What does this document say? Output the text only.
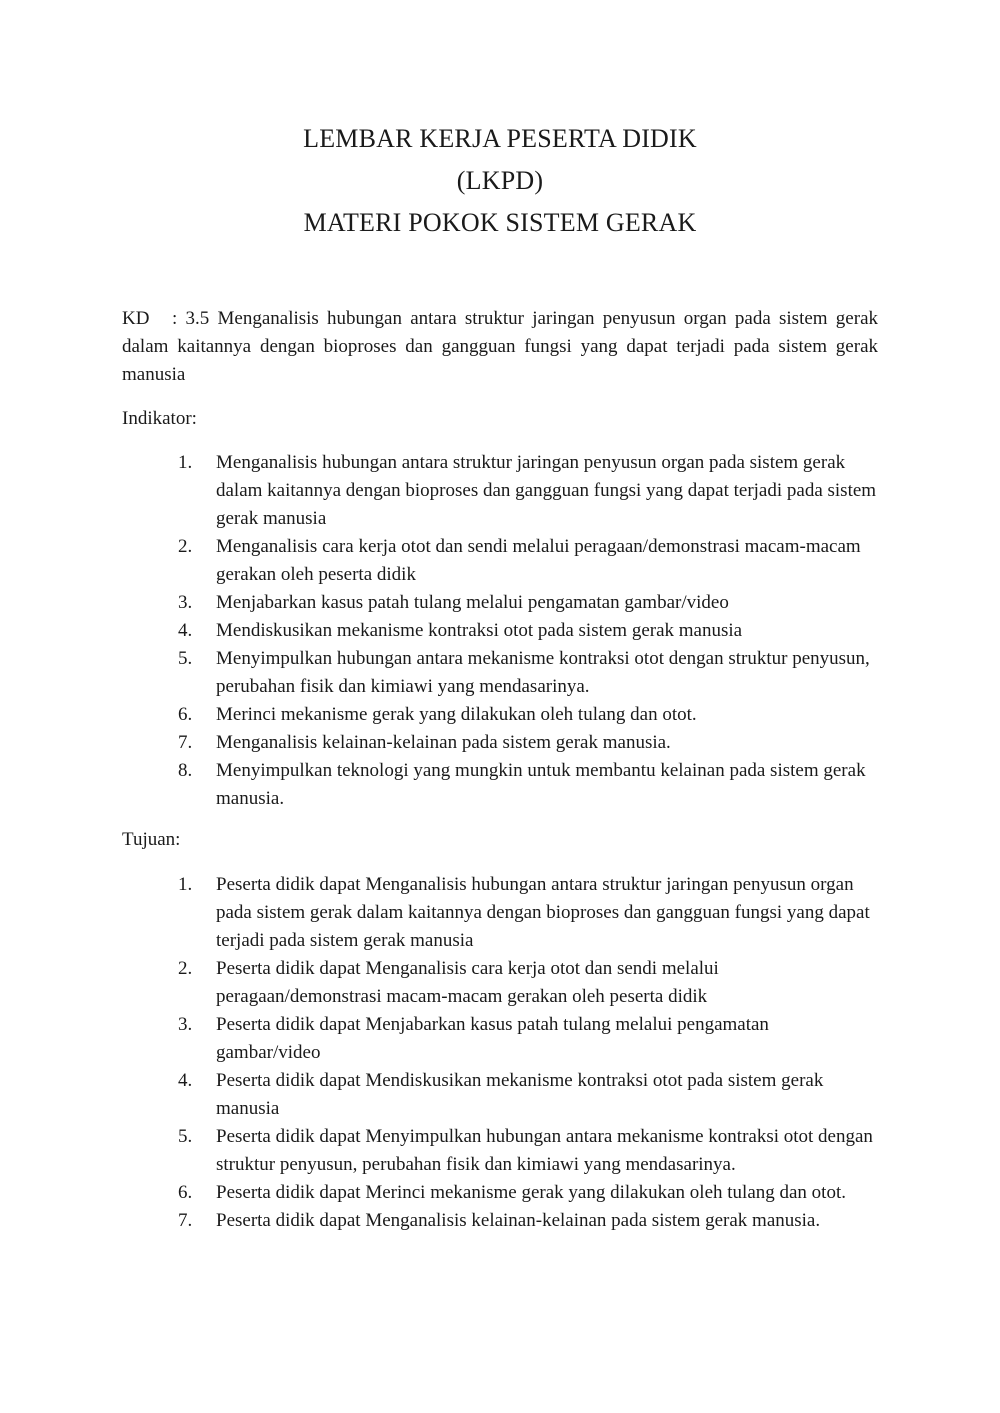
LEMBAR KERJA PESERTA DIDIK
(LKPD)
MATERI POKOK SISTEM GERAK
KD : 3.5 Menganalisis hubungan antara struktur jaringan penyusun organ pada sistem gerak dalam kaitannya dengan bioproses dan gangguan fungsi yang dapat terjadi pada sistem gerak manusia
Indikator:
1.	Menganalisis hubungan antara struktur jaringan penyusun organ pada sistem gerak dalam kaitannya dengan bioproses dan gangguan fungsi yang dapat terjadi pada sistem gerak manusia
2.	Menganalisis cara kerja otot dan sendi melalui peragaan/demonstrasi macam-macam gerakan oleh peserta didik
3.	Menjabarkan kasus patah tulang melalui pengamatan gambar/video
4.	Mendiskusikan mekanisme kontraksi otot pada sistem gerak manusia
5.	Menyimpulkan hubungan antara mekanisme kontraksi otot dengan struktur penyusun, perubahan fisik dan kimiawi yang mendasarinya.
6.	Merinci mekanisme gerak yang dilakukan oleh tulang dan otot.
7.	Menganalisis kelainan-kelainan pada sistem gerak manusia.
8.	Menyimpulkan teknologi yang mungkin untuk membantu kelainan pada sistem gerak manusia.
Tujuan:
1.	Peserta didik dapat Menganalisis hubungan antara struktur jaringan penyusun organ pada sistem gerak dalam kaitannya dengan bioproses dan gangguan fungsi yang dapat terjadi pada sistem gerak manusia
2.	Peserta didik dapat Menganalisis cara kerja otot dan sendi melalui peragaan/demonstrasi macam-macam gerakan oleh peserta didik
3.	Peserta didik dapat Menjabarkan kasus patah tulang melalui pengamatan gambar/video
4.	Peserta didik dapat Mendiskusikan mekanisme kontraksi otot pada sistem gerak manusia
5.	Peserta didik dapat Menyimpulkan hubungan antara mekanisme kontraksi otot dengan struktur penyusun, perubahan fisik dan kimiawi yang mendasarinya.
6.	Peserta didik dapat Merinci mekanisme gerak yang dilakukan oleh tulang dan otot.
7.	Peserta didik dapat Menganalisis kelainan-kelainan pada sistem gerak manusia.
